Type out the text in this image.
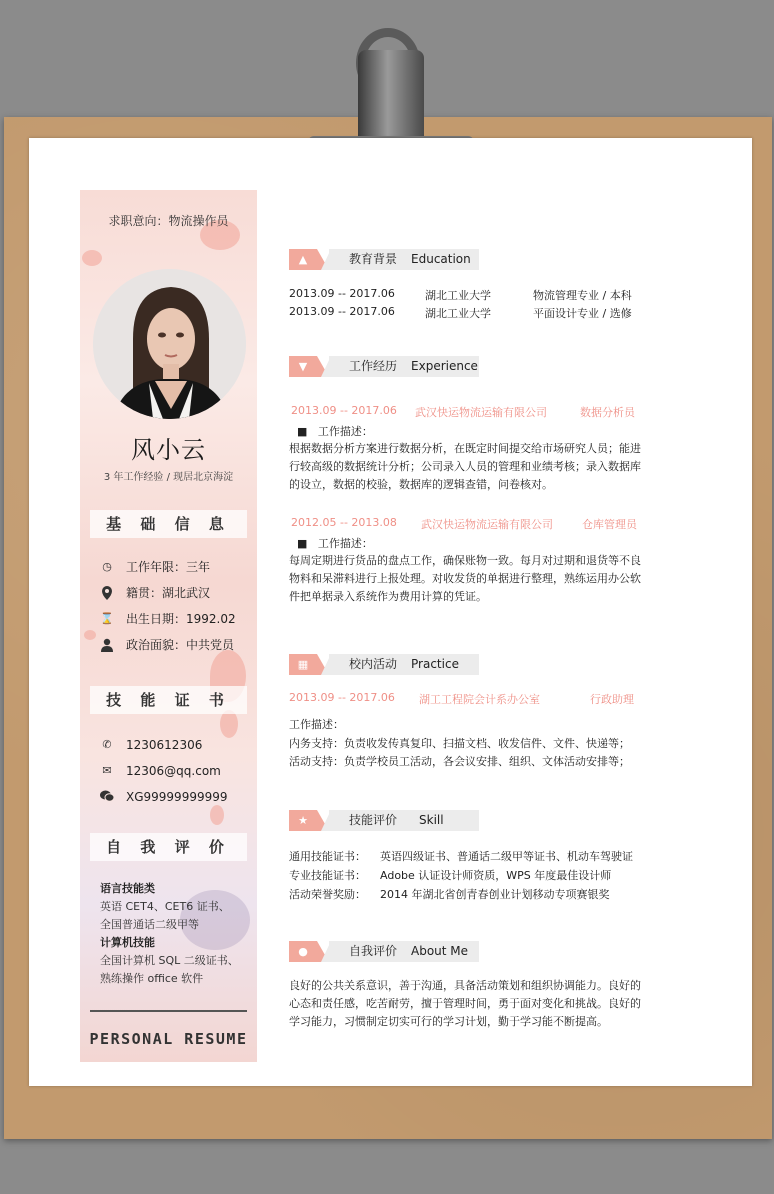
求职意向：物流操作员
风小云
3 年工作经验 / 现居北京海淀
基 础 信 息
◷ 工作年限：三年
籍贯：湖北武汉
⌛ 出生日期：1992.02
政治面貌：中共党员
技 能 证 书
✆ 1230612306
✉ 12306@qq.com
XG99999999999
自 我 评 价
语言技能类
英语 CET4、CET6 证书、全国普通话二级甲等
计算机技能
全国计算机 SQL 二级证书、熟练操作 office 软件
PERSONAL RESUME
▲	教育背景 Education
2013.09 -- 2017.06	湖北工业大学	物流管理专业 / 本科
2013.09 -- 2017.06	湖北工业大学	平面设计专业 / 选修
▼	工作经历 Experience
2013.09 -- 2017.06 武汉快运物流运输有限公司	数据分析员
■   工作描述：
根据数据分析方案进行数据分析，在既定时间提交给市场研究人员；能进行较高级的数据统计分析；公司录入人员的管理和业绩考核；录入数据库的设立，数据的校验，数据库的逻辑查错，问卷核对。
2012.05 -- 2013.08 武汉快运物流运输有限公司	仓库管理员
■   工作描述：
每周定期进行货品的盘点工作，确保账物一致。每月对过期和退货等不良物料和呆滞料进行上报处理。对收发货的单据进行整理，熟练运用办公软件把单据录入系统作为费用计算的凭证。
▦	校内活动 Practice
2013.09 -- 2017.06 湖工工程院会计系办公室	行政助理
工作描述：
内务支持：负责收发传真复印、扫描文档、收发信件、文件、快递等；
活动支持：负责学校员工活动，各会议安排、组织、文体活动安排等；
★	技能评价 Skill
通用技能证书： 英语四级证书、普通话二级甲等证书、机动车驾驶证
专业技能证书： Adobe 认证设计师资质，WPS 年度最佳设计师
活动荣誉奖励： 2014 年湖北省创青春创业计划移动专项赛银奖
●	自我评价 About Me
良好的公共关系意识，善于沟通，具备活动策划和组织协调能力。良好的心态和责任感，吃苦耐劳，擅于管理时间，勇于面对变化和挑战。良好的学习能力，习惯制定切实可行的学习计划，勤于学习能不断提高。
